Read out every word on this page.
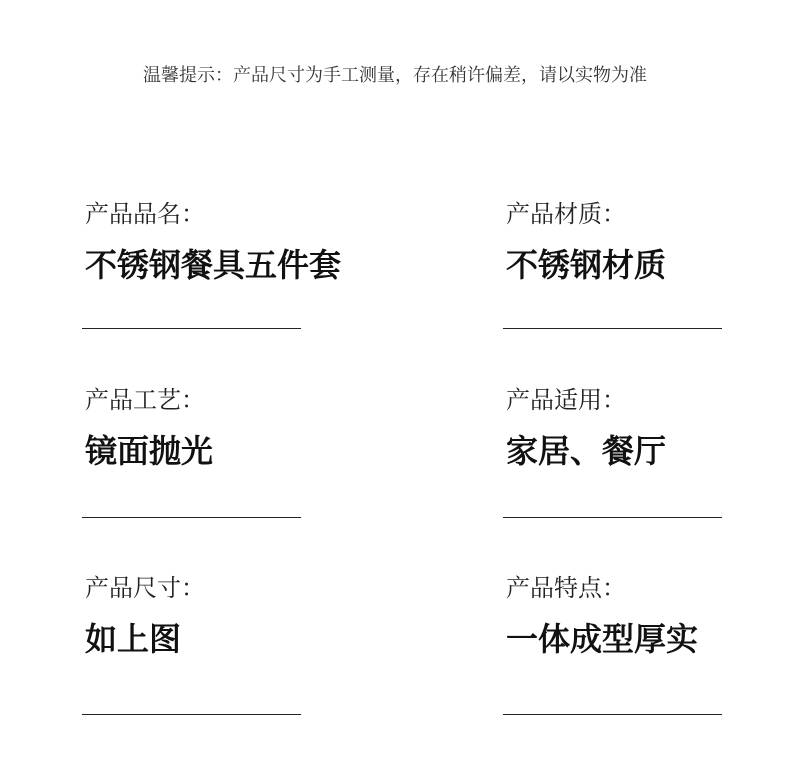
温馨提示：产品尺寸为手工测量，存在稍许偏差，请以实物为准
产品品名：
不锈钢餐具五件套
产品材质：
不锈钢材质
产品工艺：
镜面抛光
产品适用：
家居、餐厅
产品尺寸：
如上图
产品特点：
一体成型厚实
